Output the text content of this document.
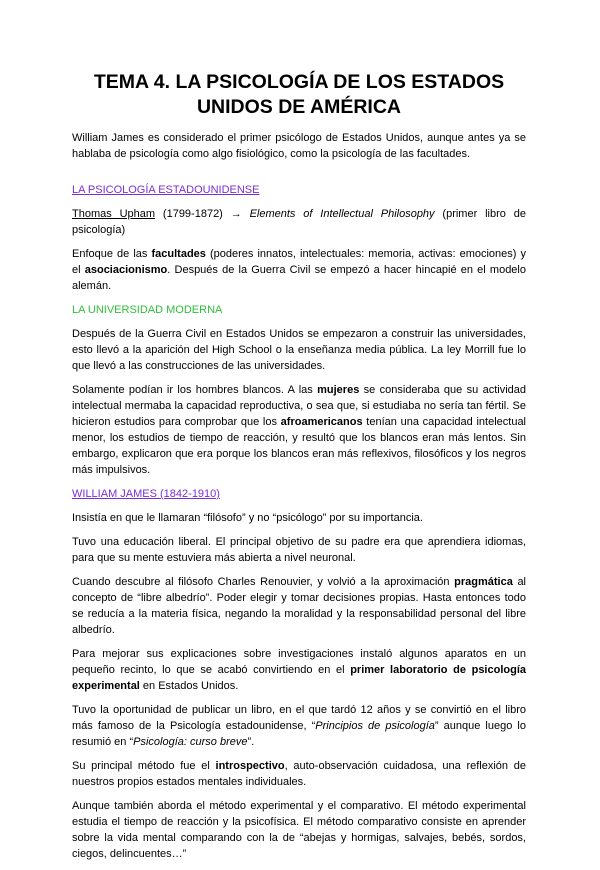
TEMA 4. LA PSICOLOGÍA DE LOS ESTADOS UNIDOS DE AMÉRICA

William James es considerado el primer psicólogo de Estados Unidos, aunque antes ya se hablaba de psicología como algo fisiológico, como la psicología de las facultades.

LA PSICOLOGÍA ESTADOUNIDENSE

Thomas Upham (1799-1872) → Elements of Intellectual Philosophy (primer libro de psicología)

Enfoque de las facultades (poderes innatos, intelectuales: memoria, activas: emociones) y el asociacionismo. Después de la Guerra Civil se empezó a hacer hincapié en el modelo alemán.

LA UNIVERSIDAD MODERNA

Después de la Guerra Civil en Estados Unidos se empezaron a construir las universidades, esto llevó a la aparición del High School o la enseñanza media pública. La ley Morrill fue lo que llevó a las construcciones de las universidades.

Solamente podían ir los hombres blancos. A las mujeres se consideraba que su actividad intelectual mermaba la capacidad reproductiva, o sea que, si estudiaba no sería tan fértil. Se hicieron estudios para comprobar que los afroamericanos tenían una capacidad intelectual menor, los estudios de tiempo de reacción, y resultó que los blancos eran más lentos. Sin embargo, explicaron que era porque los blancos eran más reflexivos, filosóficos y los negros más impulsivos.

WILLIAM JAMES (1842-1910)

Insistía en que le llamaran “filósofo” y no “psicólogo” por su importancia.

Tuvo una educación liberal. El principal objetivo de su padre era que aprendiera idiomas, para que su mente estuviera más abierta a nivel neuronal.

Cuando descubre al filósofo Charles Renouvier, y volvió a la aproximación pragmática al concepto de “libre albedrío”. Poder elegir y tomar decisiones propias. Hasta entonces todo se reducía a la materia física, negando la moralidad y la responsabilidad personal del libre albedrío.

Para mejorar sus explicaciones sobre investigaciones instaló algunos aparatos en un pequeño recinto, lo que se acabó convirtiendo en el primer laboratorio de psicología experimental en Estados Unidos.

Tuvo la oportunidad de publicar un libro, en el que tardó 12 años y se convirtió en el libro más famoso de la Psicología estadounidense, “Principios de psicología” aunque luego lo resumió en “Psicología: curso breve”.

Su principal método fue el introspectivo, auto-observación cuidadosa, una reflexión de nuestros propios estados mentales individuales.

Aunque también aborda el método experimental y el comparativo. El método experimental estudia el tiempo de reacción y la psicofísica. El método comparativo consiste en aprender sobre la vida mental comparando con la de “abejas y hormigas, salvajes, bebés, sordos, ciegos, delincuentes…”
